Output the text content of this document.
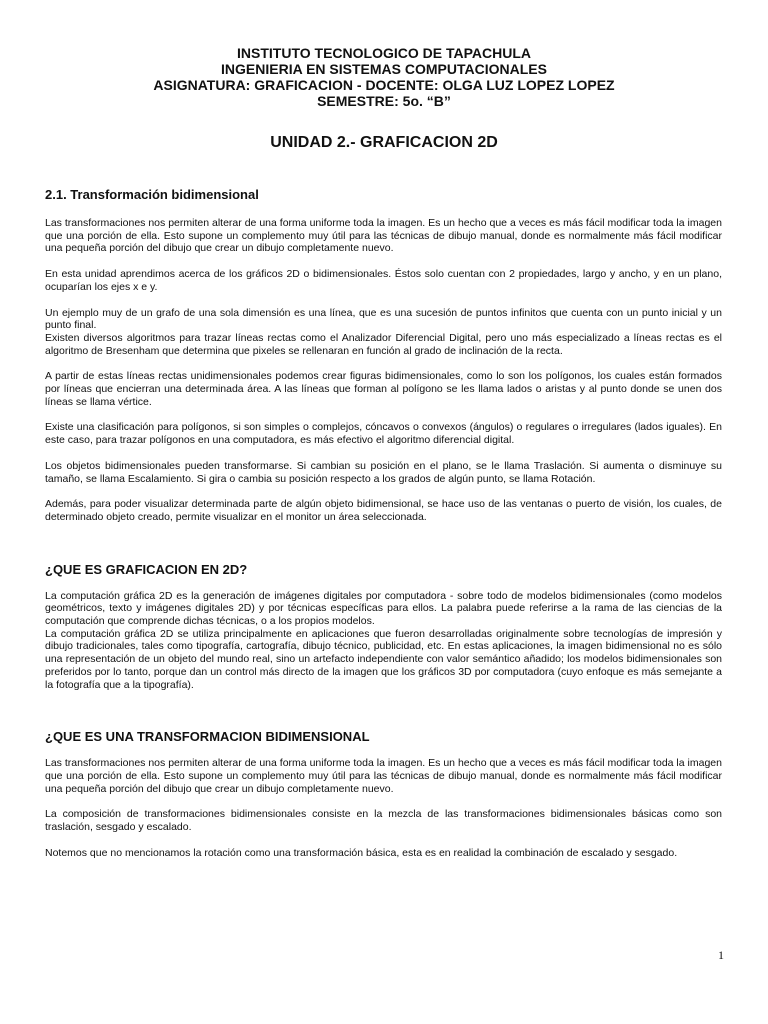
INSTITUTO TECNOLOGICO DE TAPACHULA
INGENIERIA EN SISTEMAS COMPUTACIONALES
ASIGNATURA: GRAFICACION - DOCENTE: OLGA LUZ LOPEZ LOPEZ
SEMESTRE: 5o. “B”
UNIDAD 2.- GRAFICACION 2D
2.1. Transformación bidimensional

Las transformaciones nos permiten alterar de una forma uniforme toda la imagen. Es un hecho que a veces es más fácil modificar toda la imagen que una porción de ella. Esto supone un complemento muy útil para las técnicas de dibujo manual, donde es normalmente más fácil modificar una pequeña porción del dibujo que crear un dibujo completamente nuevo.

En esta unidad aprendimos acerca de los gráficos 2D o bidimensionales. Éstos solo cuentan con 2 propiedades, largo y ancho, y en un plano, ocuparían los ejes x e y.

Un ejemplo muy de un grafo de una sola dimensión es una línea, que es una sucesión de puntos infinitos que cuenta con un punto inicial y un punto final.

Existen diversos algoritmos para trazar líneas rectas como el Analizador Diferencial Digital, pero uno más especializado a líneas rectas es el algoritmo de Bresenham que determina que pixeles se rellenaran en función al grado de inclinación de la recta.

A partir de estas líneas rectas unidimensionales podemos crear figuras bidimensionales, como lo son los polígonos, los cuales están formados por líneas que encierran una determinada área. A las líneas que forman al polígono se les llama lados o aristas y al punto donde se unen dos líneas se llama vértice.

Existe una clasificación para polígonos, si son simples o complejos, cóncavos o convexos (ángulos) o regulares o irregulares (lados iguales). En este caso, para trazar polígonos en una computadora, es más efectivo el algoritmo diferencial digital.

Los objetos bidimensionales pueden transformarse. Si cambian su posición en el plano, se le llama Traslación. Si aumenta o disminuye su tamaño, se llama Escalamiento. Si gira o cambia su posición respecto a los grados de algún punto, se llama Rotación.

Además, para poder visualizar determinada parte de algún objeto bidimensional, se hace uso de las ventanas o puerto de visión, los cuales, de determinado objeto creado, permite visualizar en el monitor un área seleccionada.

¿QUE ES GRAFICACION EN 2D?

La computación gráfica 2D es la generación de imágenes digitales por computadora - sobre todo de modelos bidimensionales (como modelos geométricos, texto y imágenes digitales 2D) y por técnicas específicas para ellos. La palabra puede referirse a la rama de las ciencias de la computación que comprende dichas técnicas, o a los propios modelos.

La computación gráfica 2D se utiliza principalmente en aplicaciones que fueron desarrolladas originalmente sobre tecnologías de impresión y dibujo tradicionales, tales como tipografía, cartografía, dibujo técnico, publicidad, etc. En estas aplicaciones, la imagen bidimensional no es sólo una representación de un objeto del mundo real, sino un artefacto independiente con valor semántico añadido; los modelos bidimensionales son preferidos por lo tanto, porque dan un control más directo de la imagen que los gráficos 3D por computadora (cuyo enfoque es más semejante a la fotografía que a la tipografía).

¿QUE ES UNA TRANSFORMACION BIDIMENSIONAL

Las transformaciones nos permiten alterar de una forma uniforme toda la imagen. Es un hecho que a veces es más fácil modificar toda la imagen que una porción de ella. Esto supone un complemento muy útil para las técnicas de dibujo manual, donde es normalmente más fácil modificar una pequeña porción del dibujo que crear un dibujo completamente nuevo.

La composición de transformaciones bidimensionales consiste en la mezcla de las transformaciones bidimensionales básicas como son traslación, sesgado y escalado.

Notemos que no mencionamos la rotación como una transformación básica, esta es en realidad la combinación de escalado y sesgado.

1
